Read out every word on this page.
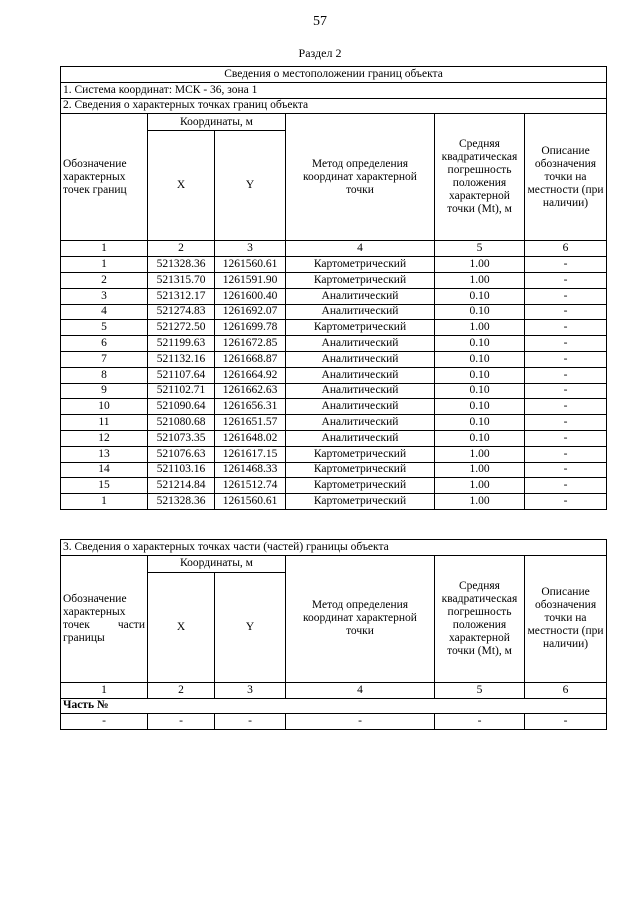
57
Раздел 2
Сведения о местоположении границ объекта					
1. Система координат: МСК - 36, зона 1					
2. Сведения о характерных точках границ объекта					
Обозначение характерных точек границ	Координаты, м		Метод определения координат характерной точки	Средняя квадратическая погрешность положения характерной точки (Mt), м	Описание обозначения точки на местности (при наличии)
	X	Y			
1	2	3	4	5	6
1	521328.36	1261560.61	Картометрический	1.00	-
2	521315.70	1261591.90	Картометрический	1.00	-
3	521312.17	1261600.40	Аналитический	0.10	-
4	521274.83	1261692.07	Аналитический	0.10	-
5	521272.50	1261699.78	Картометрический	1.00	-
6	521199.63	1261672.85	Аналитический	0.10	-
7	521132.16	1261668.87	Аналитический	0.10	-
8	521107.64	1261664.92	Аналитический	0.10	-
9	521102.71	1261662.63	Аналитический	0.10	-
10	521090.64	1261656.31	Аналитический	0.10	-
11	521080.68	1261651.57	Аналитический	0.10	-
12	521073.35	1261648.02	Аналитический	0.10	-
13	521076.63	1261617.15	Картометрический	1.00	-
14	521103.16	1261468.33	Картометрический	1.00	-
15	521214.84	1261512.74	Картометрический	1.00	-
1	521328.36	1261560.61	Картометрический	1.00	-
3. Сведения о характерных точках части (частей) границы объекта					
Обозначение характерных точек части границы	Координаты, м		Метод определения координат характерной точки	Средняя квадратическая погрешность положения характерной точки (Mt), м	Описание обозначения точки на местности (при наличии)
	X	Y			
1	2	3	4	5	6
Часть №					
-	-	-	-	-	-
